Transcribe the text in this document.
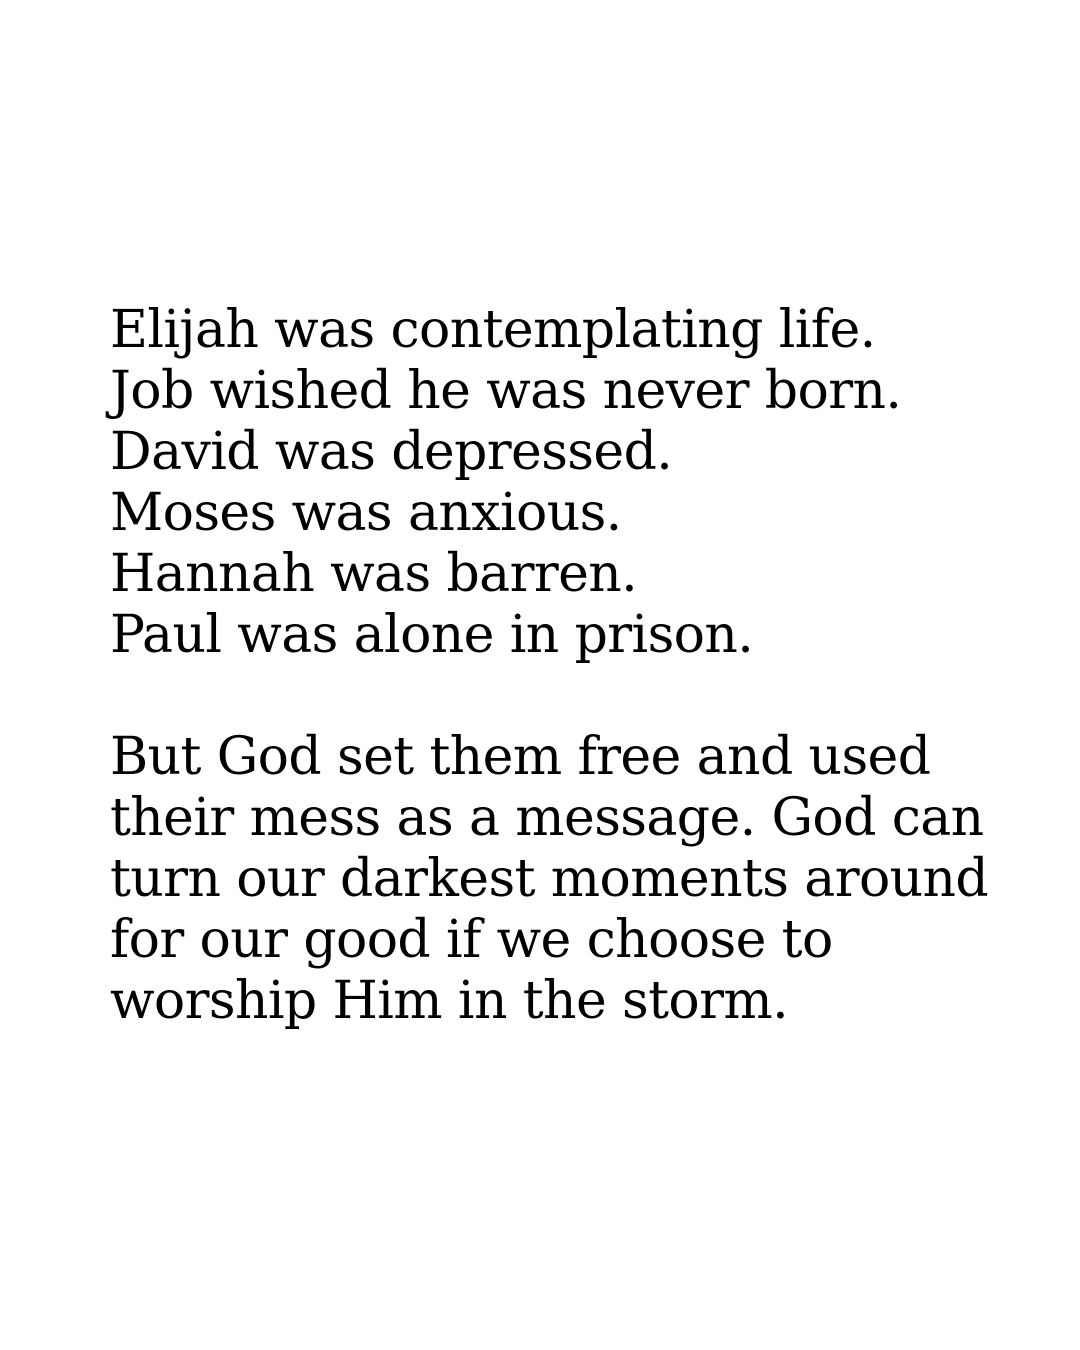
Elijah was contemplating life.
Job wished he was never born.
David was depressed.
Moses was anxious.
Hannah was barren.
Paul was alone in prison.

But God set them free and used
their mess as a message. God can
turn our darkest moments around
for our good if we choose to
worship Him in the storm.
